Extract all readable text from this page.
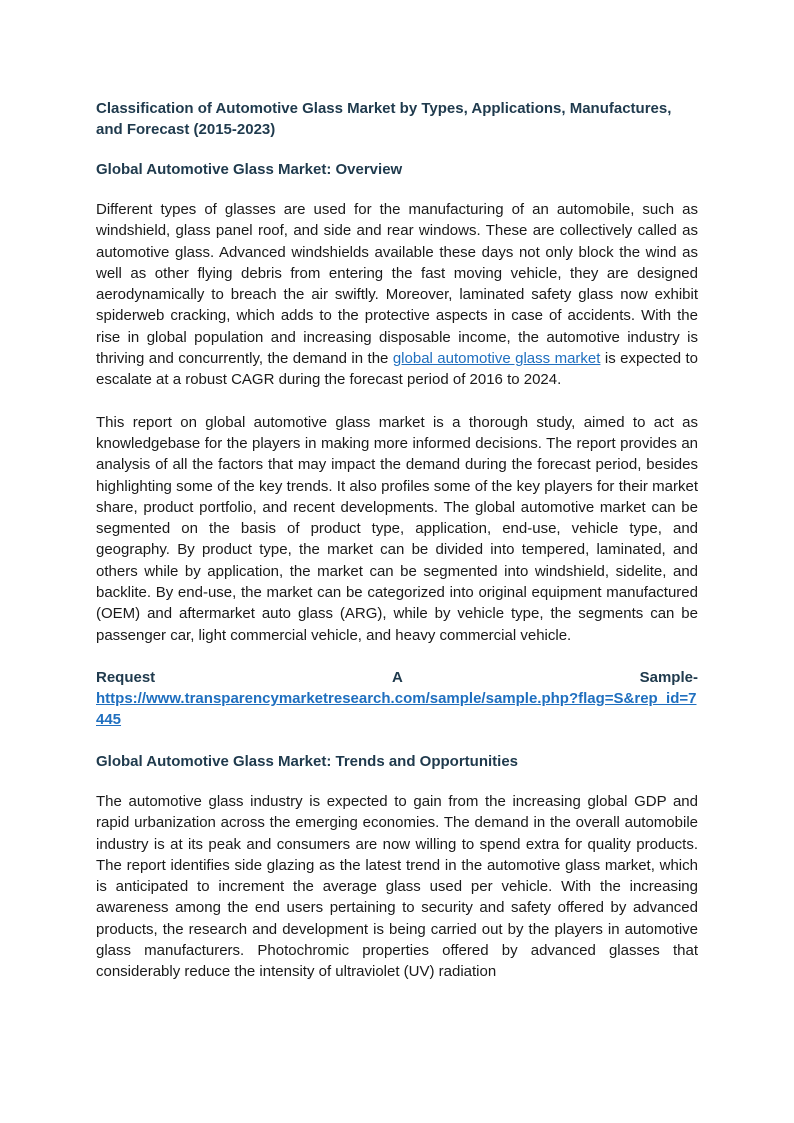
Classification of Automotive Glass Market by Types, Applications, Manufactures, and Forecast (2015-2023)
Global Automotive Glass Market: Overview

Different types of glasses are used for the manufacturing of an automobile, such as windshield, glass panel roof, and side and rear windows. These are collectively called as automotive glass. Advanced windshields available these days not only block the wind as well as other flying debris from entering the fast moving vehicle, they are designed aerodynamically to breach the air swiftly. Moreover, laminated safety glass now exhibit spiderweb cracking, which adds to the protective aspects in case of accidents. With the rise in global population and increasing disposable income, the automotive industry is thriving and concurrently, the demand in the global automotive glass market is expected to escalate at a robust CAGR during the forecast period of 2016 to 2024.

This report on global automotive glass market is a thorough study, aimed to act as knowledgebase for the players in making more informed decisions. The report provides an analysis of all the factors that may impact the demand during the forecast period, besides highlighting some of the key trends. It also profiles some of the key players for their market share, product portfolio, and recent developments. The global automotive market can be segmented on the basis of product type, application, end-use, vehicle type, and geography. By product type, the market can be divided into tempered, laminated, and others while by application, the market can be segmented into windshield, sidelite, and backlite. By end-use, the market can be categorized into original equipment manufactured (OEM) and aftermarket auto glass (ARG), while by vehicle type, the segments can be passenger car, light commercial vehicle, and heavy commercial vehicle.

Request	A	Sample-
https://www.transparencymarketresearch.com/sample/sample.php?flag=S&rep_id=7445
Global Automotive Glass Market: Trends and Opportunities

The automotive glass industry is expected to gain from the increasing global GDP and rapid urbanization across the emerging economies. The demand in the overall automobile industry is at its peak and consumers are now willing to spend extra for quality products. The report identifies side glazing as the latest trend in the automotive glass market, which is anticipated to increment the average glass used per vehicle. With the increasing awareness among the end users pertaining to security and safety offered by advanced products, the research and development is being carried out by the players in automotive glass manufacturers. Photochromic properties offered by advanced glasses that considerably reduce the intensity of ultraviolet (UV) radiation
